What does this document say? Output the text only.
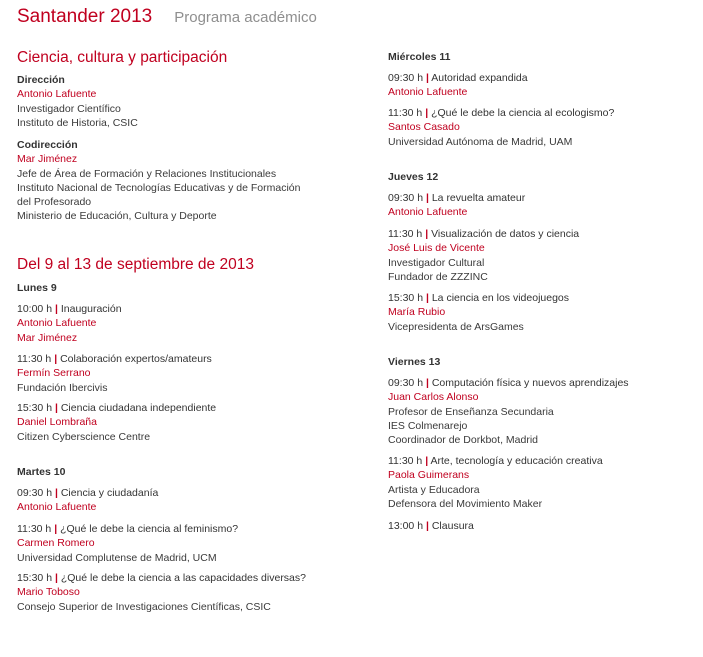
Santander 2013 Programa académico
Ciencia, cultura y participación
Dirección
Antonio Lafuente
Investigador Científico
Instituto de Historia, CSIC
Codirección
Mar Jiménez
Jefe de Área de Formación y Relaciones Institucionales
Instituto Nacional de Tecnologías Educativas y de Formación
del Profesorado
Ministerio de Educación, Cultura y Deporte
Del 9 al 13 de septiembre de 2013
Lunes 9
10:00 h | Inauguración
Antonio Lafuente
Mar Jiménez
11:30 h | Colaboración expertos/amateurs
Fermín Serrano
Fundación Ibercivis
15:30 h | Ciencia ciudadana independiente
Daniel Lombraña
Citizen Cyberscience Centre
Martes 10
09:30 h | Ciencia y ciudadanía
Antonio Lafuente
11:30 h | ¿Qué le debe la ciencia al feminismo?
Carmen Romero
Universidad Complutense de Madrid, UCM
15:30 h | ¿Qué le debe la ciencia a las capacidades diversas?
Mario Toboso
Consejo Superior de Investigaciones Científicas, CSIC
Miércoles 11
09:30 h | Autoridad expandida
Antonio Lafuente
11:30 h | ¿Qué le debe la ciencia al ecologismo?
Santos Casado
Universidad Autónoma de Madrid, UAM
Jueves 12
09:30 h | La revuelta amateur
Antonio Lafuente
11:30 h | Visualización de datos y ciencia
José Luis de Vicente
Investigador Cultural
Fundador de ZZZINC
15:30 h | La ciencia en los videojuegos
María Rubio
Vicepresidenta de ArsGames
Viernes 13
09:30 h | Computación física y nuevos aprendizajes
Juan Carlos Alonso
Profesor de Enseñanza Secundaria
IES Colmenarejo
Coordinador de Dorkbot, Madrid
11:30 h | Arte, tecnología y educación creativa
Paola Guimerans
Artista y Educadora
Defensora del Movimiento Maker
13:00 h | Clausura
